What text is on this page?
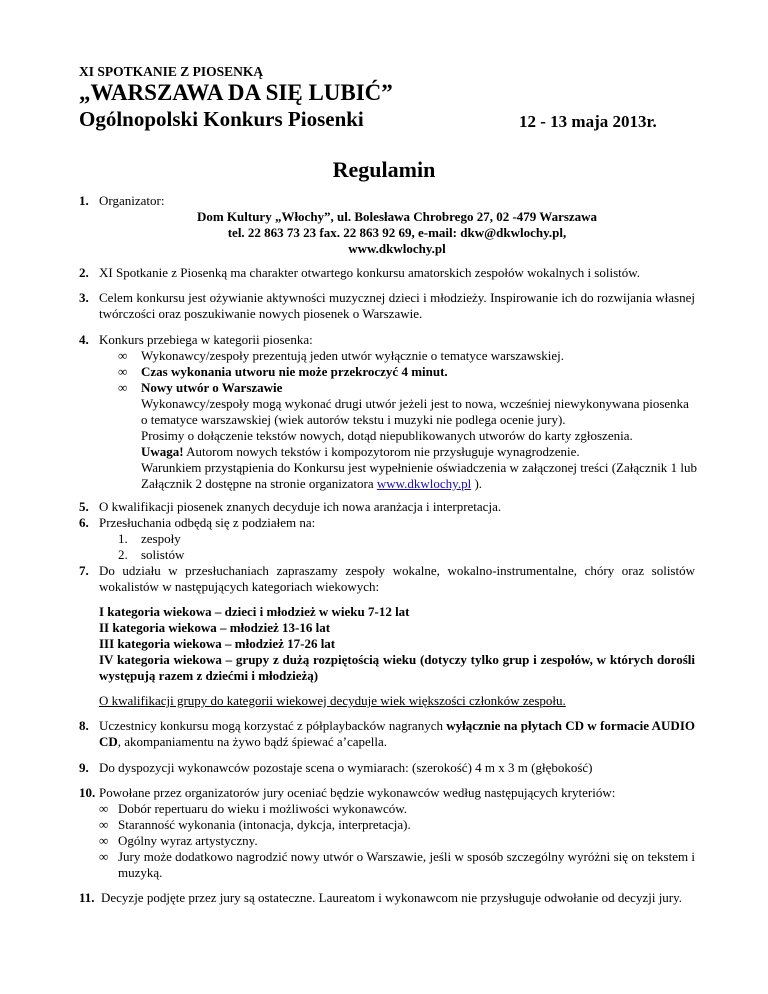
XI SPOTKANIE Z PIOSENKĄ
„WARSZAWA DA SIĘ LUBIĆ”
Ogólnopolski Konkurs Piosenki	12 - 13 maja 2013r.
Regulamin
1. Organizator:
Dom Kultury „Włochy”, ul. Bolesława Chrobrego 27, 02 -479 Warszawa
tel. 22 863 73 23 fax. 22 863 92 69, e-mail: dkw@dkwlochy.pl,
www.dkwlochy.pl
2. XI Spotkanie z Piosenką ma charakter otwartego konkursu amatorskich zespołów wokalnych i solistów.
3. Celem konkursu jest ożywianie aktywności muzycznej dzieci i młodzieży. Inspirowanie ich do rozwijania własnej twórczości oraz poszukiwanie nowych piosenek o Warszawie.
4. Konkurs przebiega w kategorii piosenka:
∞ Wykonawcy/zespoły prezentują jeden utwór wyłącznie o tematyce warszawskiej.
∞ Czas wykonania utworu nie może przekroczyć 4 minut.
∞ Nowy utwór o Warszawie
Wykonawcy/zespoły mogą wykonać drugi utwór jeżeli jest to nowa, wcześniej niewykonywana piosenka o tematyce warszawskiej (wiek autorów tekstu i muzyki nie podlega ocenie jury).
Prosimy o dołączenie tekstów nowych, dotąd niepublikowanych utworów do karty zgłoszenia.
Uwaga! Autorom nowych tekstów i kompozytorom nie przysługuje wynagrodzenie.
Warunkiem przystąpienia do Konkursu jest wypełnienie oświadczenia w załączonej treści (Załącznik 1 lub Załącznik 2 dostępne na stronie organizatora www.dkwlochy.pl ).
5. O kwalifikacji piosenek znanych decyduje ich nowa aranżacja i interpretacja.
6. Przesłuchania odbędą się z podziałem na:
1. zespoły
2. solistów
7. Do udziału w przesłuchaniach zapraszamy zespoły wokalne, wokalno-instrumentalne, chóry oraz solistów wokalistów w następujących kategoriach wiekowych:
I kategoria wiekowa – dzieci i młodzież w wieku 7-12 lat
II kategoria wiekowa – młodzież 13-16 lat
III kategoria wiekowa – młodzież 17-26 lat
IV kategoria wiekowa – grupy z dużą rozpiętością wieku (dotyczy tylko grup i zespołów, w których dorośli występują razem z dziećmi i młodzieżą)
O kwalifikacji grupy do kategorii wiekowej decyduje wiek większości członków zespołu.
8. Uczestnicy konkursu mogą korzystać z półplaybacków nagranych wyłącznie na płytach CD w formacie AUDIO CD, akompaniamentu na żywo bądź śpiewać a’capella.
9. Do dyspozycji wykonawców pozostaje scena o wymiarach: (szerokość) 4 m x 3 m (głębokość)
10. Powołane przez organizatorów jury oceniać będzie wykonawców według następujących kryteriów:
∞ Dobór repertuaru do wieku i możliwości wykonawców.
∞ Staranność wykonania (intonacja, dykcja, interpretacja).
∞ Ogólny wyraz artystyczny.
∞ Jury może dodatkowo nagrodzić nowy utwór o Warszawie, jeśli w sposób szczególny wyróżni się on tekstem i muzyką.
11. Decyzje podjęte przez jury są ostateczne. Laureatom i wykonawcom nie przysługuje odwołanie od decyzji jury.
